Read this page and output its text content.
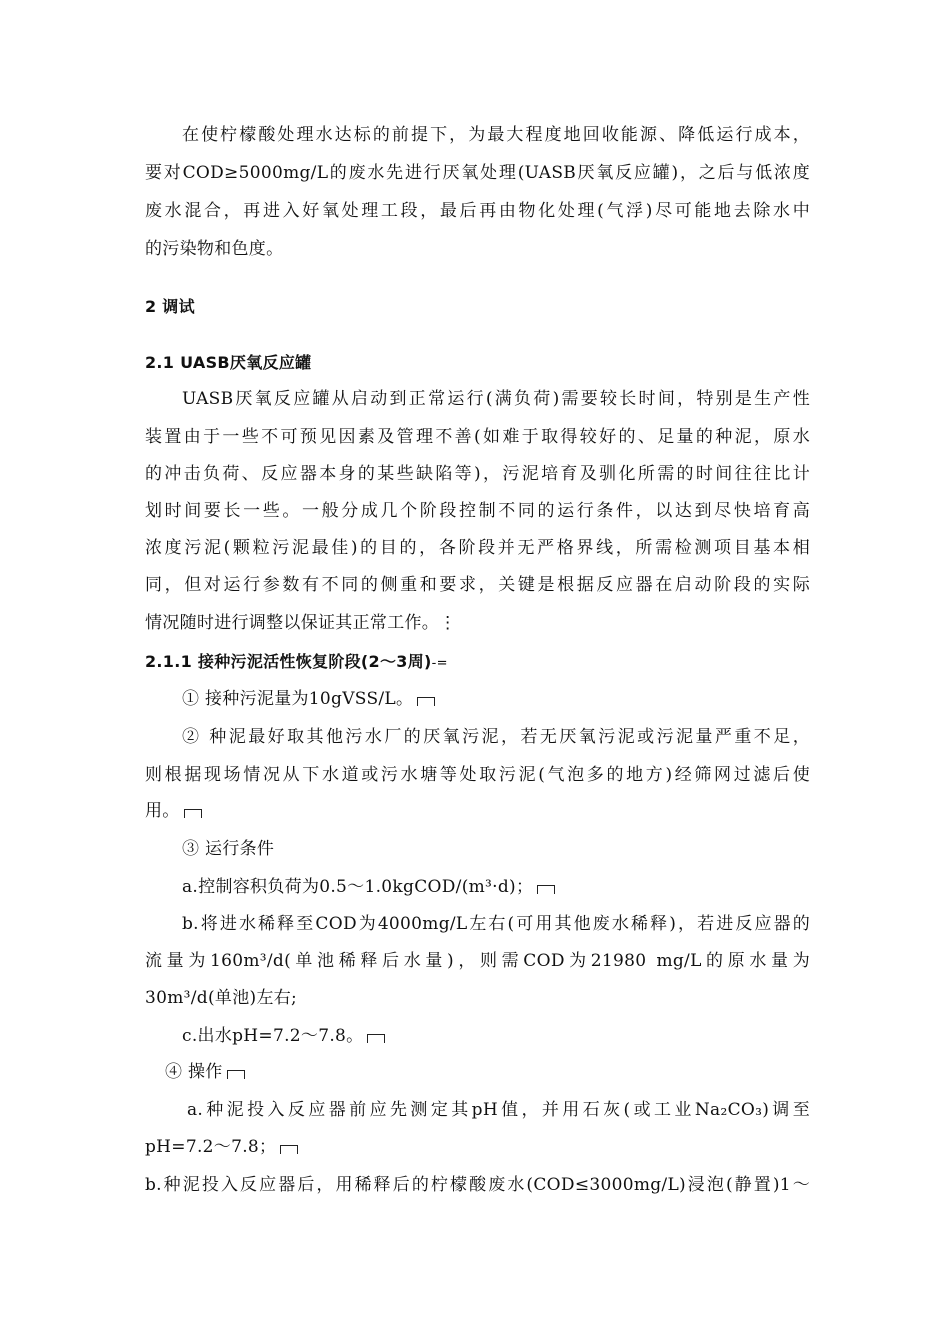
在使柠檬酸处理水达标的前提下，为最大程度地回收能源、降低运行成本，
要对COD≥5000mg/L的废水先进行厌氧处理(UASB厌氧反应罐)，之后与低浓度
废水混合，再进入好氧处理工段，最后再由物化处理(气浮)尽可能地去除水中
的污染物和色度。
2 调试
2.1 UASB厌氧反应罐
UASB厌氧反应罐从启动到正常运行(满负荷)需要较长时间，特别是生产性
装置由于一些不可预见因素及管理不善(如难于取得较好的、足量的种泥，原水
的冲击负荷、反应器本身的某些缺陷等)，污泥培育及驯化所需的时间往往比计
划时间要长一些。一般分成几个阶段控制不同的运行条件，以达到尽快培育高
浓度污泥(颗粒污泥最佳)的目的，各阶段并无严格界线，所需检测项目基本相
同，但对运行参数有不同的侧重和要求，关键是根据反应器在启动阶段的实际
情况随时进行调整以保证其正常工作。⋮
2.1.1 接种污泥活性恢复阶段(2～3周)-=
① 接种污泥量为10gVSS/L。
② 种泥最好取其他污水厂的厌氧污泥，若无厌氧污泥或污泥量严重不足，
则根据现场情况从下水道或污水塘等处取污泥(气泡多的地方)经筛网过滤后使
用。
③ 运行条件
a.控制容积负荷为0.5～1.0kgCOD/(m³·d)；
b.将进水稀释至COD为4000mg/L左右(可用其他废水稀释)，若进反应器的
流量为160m³/d(单池稀释后水量)，则需COD为21980 mg/L的原水量为
30m³/d(单池)左右;
c.出水pH=7.2～7.8。
④ 操作
a.种泥投入反应器前应先测定其pH值，并用石灰(或工业Na₂CO₃)调至
pH=7.2～7.8；
b.种泥投入反应器后，用稀释后的柠檬酸废水(COD≤3000mg/L)浸泡(静置)1～
